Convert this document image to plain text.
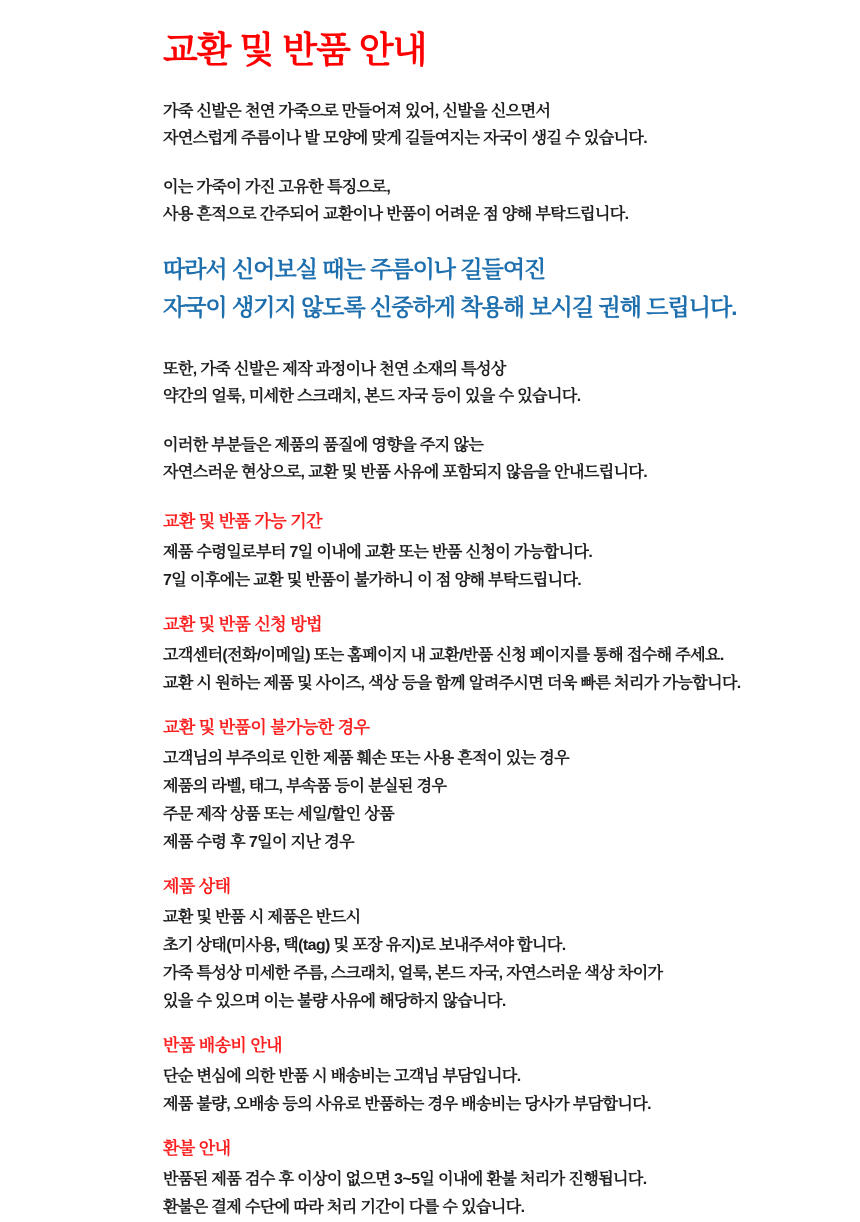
교환 및 반품 안내
가죽 신발은 천연 가죽으로 만들어져 있어, 신발을 신으면서
자연스럽게 주름이나 발 모양에 맞게 길들여지는 자국이 생길 수 있습니다.
이는 가죽이 가진 고유한 특징으로,
사용 흔적으로 간주되어 교환이나 반품이 어려운 점 양해 부탁드립니다.
따라서 신어보실 때는 주름이나 길들여진
자국이 생기지 않도록 신중하게 착용해 보시길 권해 드립니다.
또한, 가죽 신발은 제작 과정이나 천연 소재의 특성상
약간의 얼룩, 미세한 스크래치, 본드 자국 등이 있을 수 있습니다.
이러한 부분들은 제품의 품질에 영향을 주지 않는
자연스러운 현상으로, 교환 및 반품 사유에 포함되지 않음을 안내드립니다.
교환 및 반품 가능 기간
제품 수령일로부터 7일 이내에 교환 또는 반품 신청이 가능합니다.
7일 이후에는 교환 및 반품이 불가하니 이 점 양해 부탁드립니다.
교환 및 반품 신청 방법
고객센터(전화/이메일) 또는 홈페이지 내 교환/반품 신청 페이지를 통해 접수해 주세요.
교환 시 원하는 제품 및 사이즈, 색상 등을 함께 알려주시면 더욱 빠른 처리가 가능합니다.
교환 및 반품이 불가능한 경우
고객님의 부주의로 인한 제품 훼손 또는 사용 흔적이 있는 경우
제품의 라벨, 태그, 부속품 등이 분실된 경우
주문 제작 상품 또는 세일/할인 상품
제품 수령 후 7일이 지난 경우
제품 상태
교환 및 반품 시 제품은 반드시
초기 상태(미사용, 택(tag) 및 포장 유지)로 보내주셔야 합니다.
가죽 특성상 미세한 주름, 스크래치, 얼룩, 본드 자국, 자연스러운 색상 차이가
있을 수 있으며 이는 불량 사유에 해당하지 않습니다.
반품 배송비 안내
단순 변심에 의한 반품 시 배송비는 고객님 부담입니다.
제품 불량, 오배송 등의 사유로 반품하는 경우 배송비는 당사가 부담합니다.
환불 안내
반품된 제품 검수 후 이상이 없으면 3~5일 이내에 환불 처리가 진행됩니다.
환불은 결제 수단에 따라 처리 기간이 다를 수 있습니다.
